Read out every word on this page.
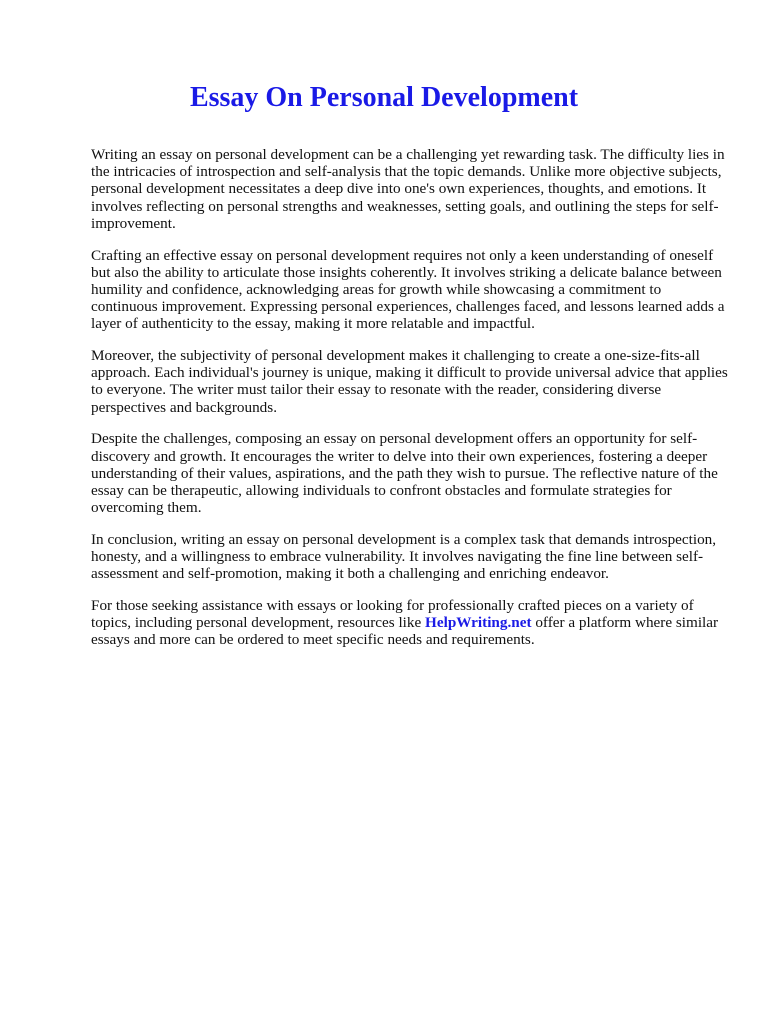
Essay On Personal Development

Writing an essay on personal development can be a challenging yet rewarding task. The difficulty lies in the intricacies of introspection and self-analysis that the topic demands. Unlike more objective subjects, personal development necessitates a deep dive into one's own experiences, thoughts, and emotions. It involves reflecting on personal strengths and weaknesses, setting goals, and outlining the steps for self-improvement.

Crafting an effective essay on personal development requires not only a keen understanding of oneself but also the ability to articulate those insights coherently. It involves striking a delicate balance between humility and confidence, acknowledging areas for growth while showcasing a commitment to continuous improvement. Expressing personal experiences, challenges faced, and lessons learned adds a layer of authenticity to the essay, making it more relatable and impactful.

Moreover, the subjectivity of personal development makes it challenging to create a one-size-fits-all approach. Each individual's journey is unique, making it difficult to provide universal advice that applies to everyone. The writer must tailor their essay to resonate with the reader, considering diverse perspectives and backgrounds.

Despite the challenges, composing an essay on personal development offers an opportunity for self-discovery and growth. It encourages the writer to delve into their own experiences, fostering a deeper understanding of their values, aspirations, and the path they wish to pursue. The reflective nature of the essay can be therapeutic, allowing individuals to confront obstacles and formulate strategies for overcoming them.

In conclusion, writing an essay on personal development is a complex task that demands introspection, honesty, and a willingness to embrace vulnerability. It involves navigating the fine line between self-assessment and self-promotion, making it both a challenging and enriching endeavor.

For those seeking assistance with essays or looking for professionally crafted pieces on a variety of topics, including personal development, resources like HelpWriting.net offer a platform where similar essays and more can be ordered to meet specific needs and requirements.
